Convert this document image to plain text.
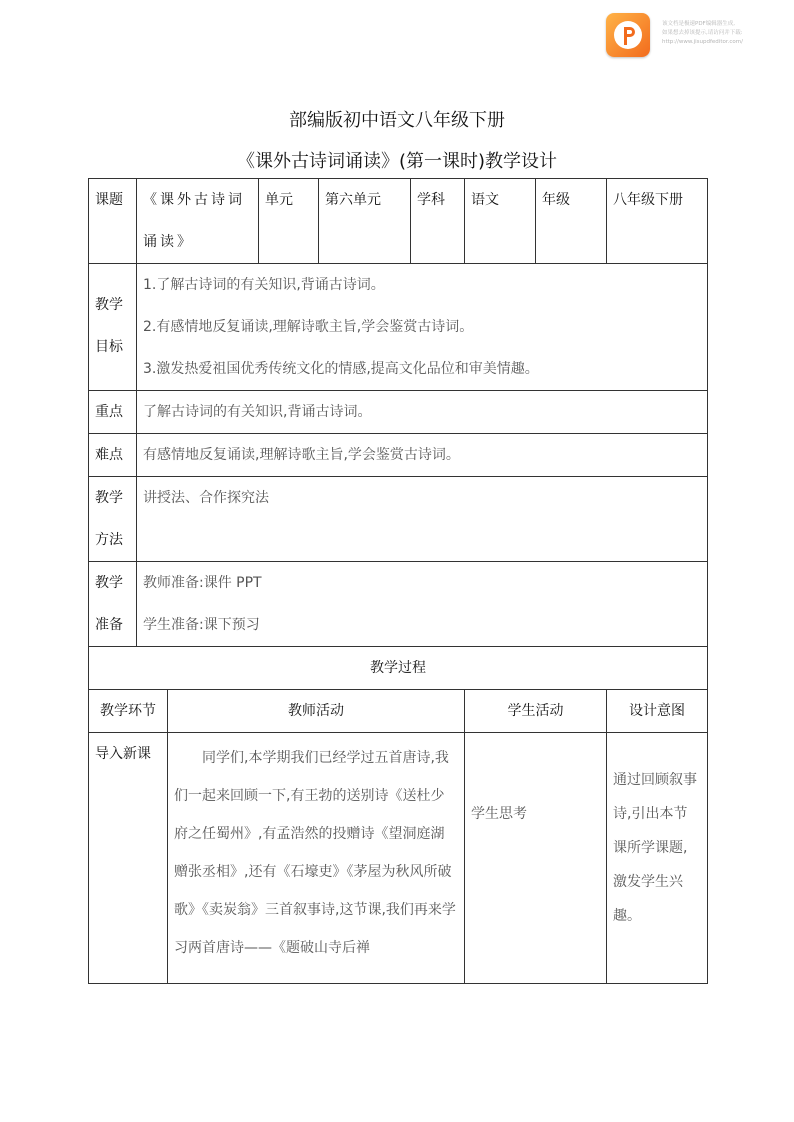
该文档是极速PDF编辑器生成,
如果想去掉该提示,请访问并下载:
http://www.jisupdfeditor.com/
部编版初中语文八年级下册
《课外古诗词诵读》(第一课时)教学设计
课题	《课外古诗词诵读》		单元	第六单元	学科	语文	年级	八年级下册
教学目标	1.了解古诗词的有关知识,背诵古诗词。
2.有感情地反复诵读,理解诗歌主旨,学会鉴赏古诗词。
3.激发热爱祖国优秀传统文化的情感,提高文化品位和审美情趣。							

重点	了解古诗词的有关知识,背诵古诗词。							
难点	有感情地反复诵读,理解诗歌主旨,学会鉴赏古诗词。							
教学方法	讲授法、合作探究法							
教学准备	教师准备:课件 PPT
学生准备:课下预习							

教学过程								
教学环节		教师活动				学生活动		设计意图
导入新课		同学们,本学期我们已经学过五首唐诗,我们一起来回顾一下,有王勃的送别诗《送杜少府之任蜀州》,有孟浩然的投赠诗《望洞庭湖赠张丞相》,还有《石壕吏》《茅屋为秋风所破歌》《卖炭翁》三首叙事诗,这节课,我们再来学习两首唐诗——《题破山寺后禅				学生思考		通过回顾叙事诗,引出本节课所学课题,激发学生兴趣。
